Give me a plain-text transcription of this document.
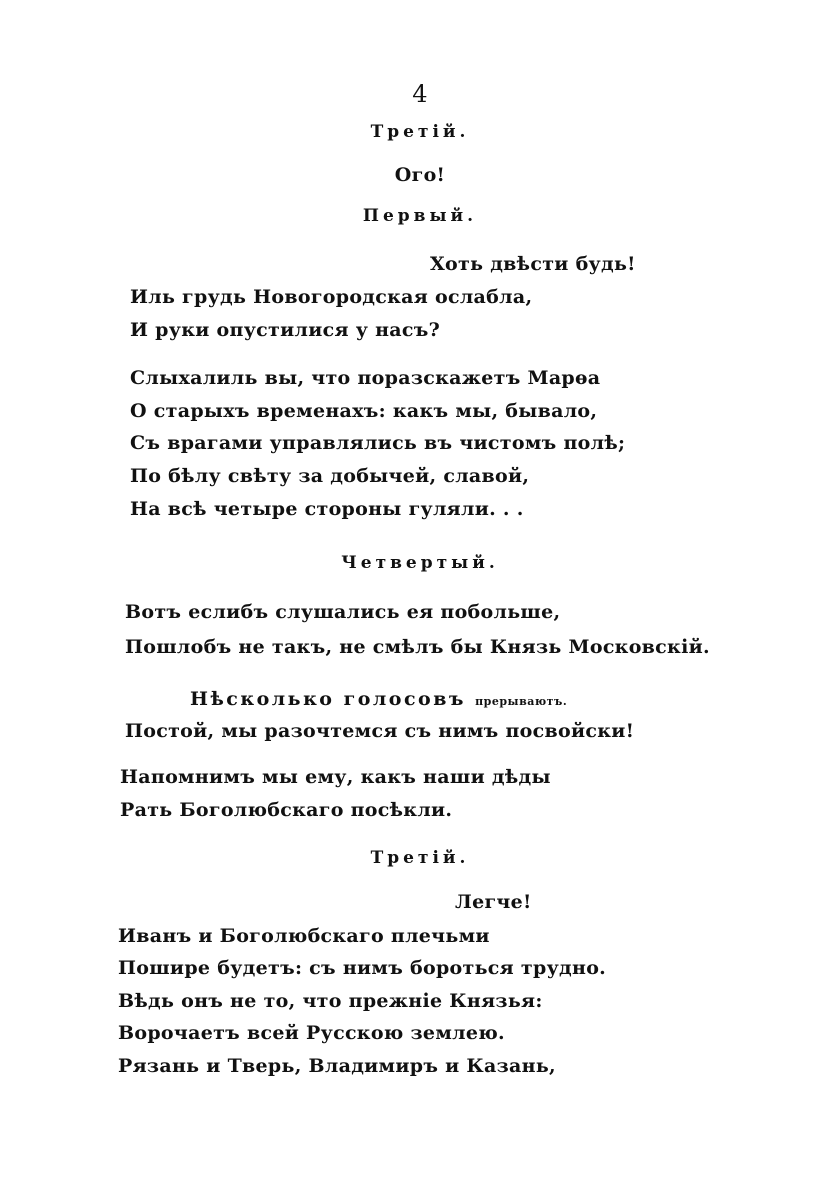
4
Третій.
Ого!
Первый.
Хоть двѣсти будь!
Иль грудь Новогородская ослабла,
И руки опустилися у насъ?
Слыхалиль вы, что поразскажетъ Марѳа
О старыхъ временахъ: какъ мы, бывало,
Съ врагами управлялись въ чистомъ полѣ;
По бѣлу свѣту за добычей, славой,
На всѣ четыре стороны гуляли. . .
Четвертый.
Вотъ еслибъ слушались ея побольше,
Пошлобъ не такъ, не смѣлъ бы Князь Московскій.
Нѣсколько голосовъ прерываютъ.
Постой, мы разочтемся съ нимъ посвойски!
Напомнимъ мы ему, какъ наши дѣды
Рать Боголюбскаго посѣкли.
Третій.
Легче!
Иванъ и Боголюбскаго плечьми
Пошире будетъ: съ нимъ бороться трудно.
Вѣдь онъ не то, что прежніе Князья:
Ворочаетъ всей Русскою землею.
Рязань и Тверь, Владимиръ и Казань,
